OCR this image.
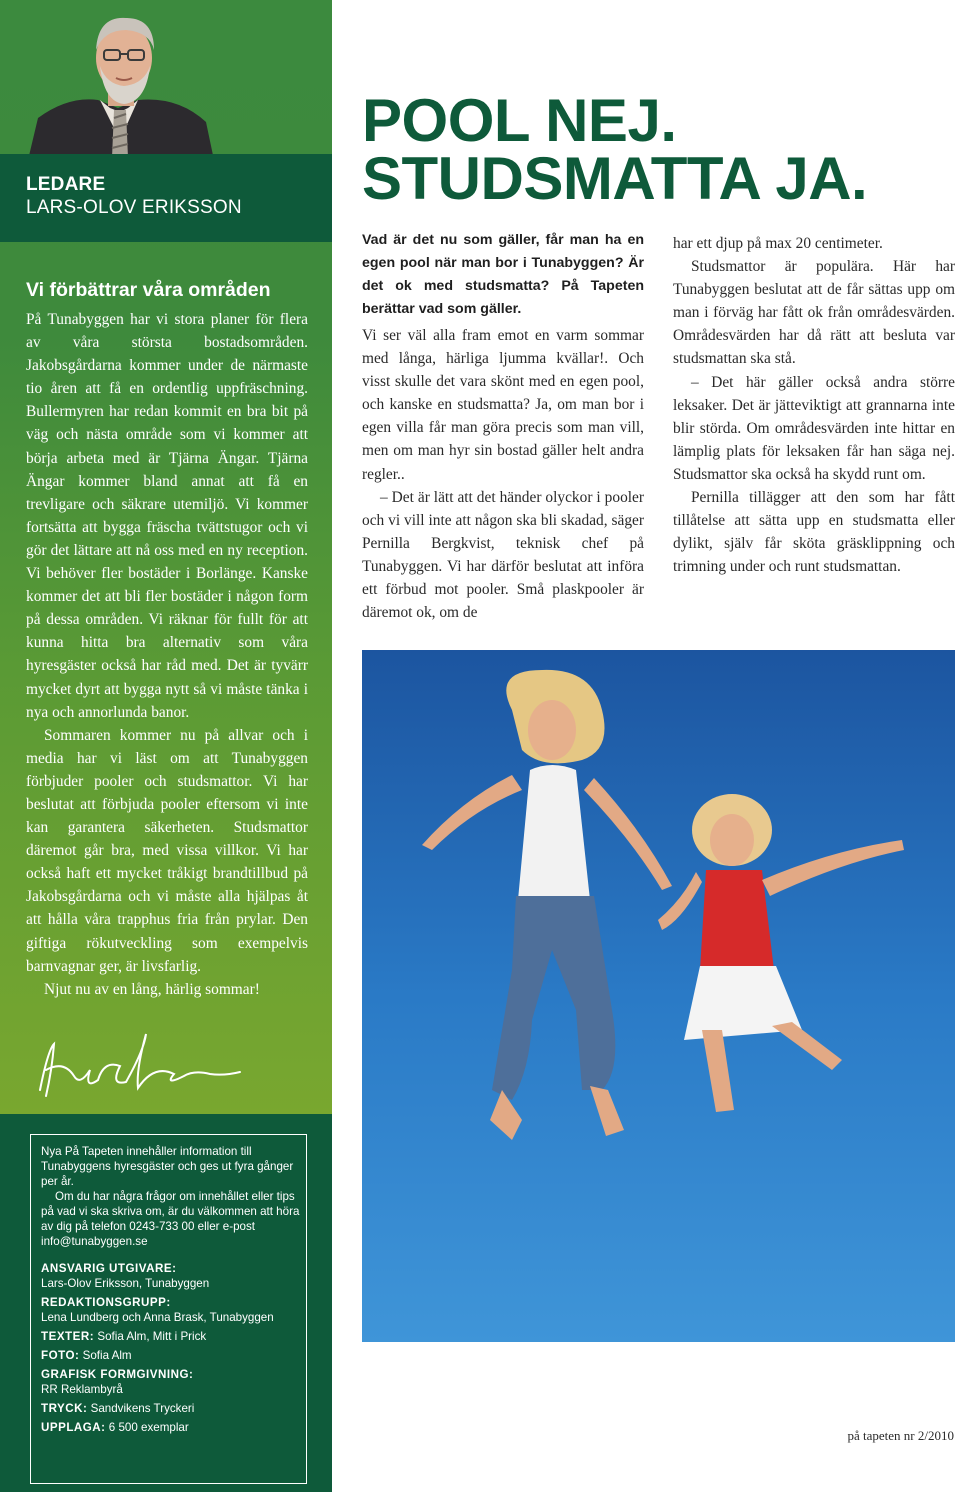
LEDARE
LARS-OLOV ERIKSSON
Vi förbättrar våra områden

På Tunabyggen har vi stora planer för flera av våra största bostadsområden. Jakobsgårdarna kommer under de närmaste tio åren att få en ordentlig uppfräschning. Bullermyren har redan kommit en bra bit på väg och nästa område som vi kommer att börja arbeta med är Tjärna Ängar. Tjärna Ängar kommer bland annat att få en trevligare och säkrare utemiljö. Vi kommer fortsätta att bygga fräscha tvättstugor och vi gör det lättare att nå oss med en ny reception. Vi behöver fler bostäder i Borlänge. Kanske kommer det att bli fler bostäder i någon form på dessa områden. Vi räknar för fullt för att kunna hitta bra alternativ som våra hyresgäster också har råd med. Det är tyvärr mycket dyrt att bygga nytt så vi måste tänka i nya och annorlunda banor.

Sommaren kommer nu på allvar och i media har vi läst om att Tunabyggen förbjuder pooler och studsmattor. Vi har beslutat att förbjuda pooler eftersom vi inte kan garantera säkerheten. Studsmattor däremot går bra, med vissa villkor. Vi har också haft ett mycket tråkigt brandtillbud på Jakobsgårdarna och vi måste alla hjälpas åt att hålla våra trapphus fria från prylar. Den giftiga rökutveckling som exempelvis barnvagnar ger, är livsfarlig.

Njut nu av en lång, härlig sommar!

Nya På Tapeten innehåller information till Tunabyggens hyresgäster och ges ut fyra gånger per år.

Om du har några frågor om innehållet eller tips på vad vi ska skriva om, är du välkommen att höra av dig på telefon 0243-733 00 eller e-post info@tunabyggen.se

ANSVARIG UTGIVARE:
Lars-Olov Eriksson, Tunabyggen
REDAKTIONSGRUPP:
Lena Lundberg och Anna Brask, Tunabyggen
TEXTER: Sofia Alm, Mitt i Prick
FOTO: Sofia Alm
GRAFISK FORMGIVNING:
RR Reklambyrå
TRYCK: Sandvikens Tryckeri
UPPLAGA: 6 500 exemplar
POOL NEJ.
STUDSMATTA JA.

Vad är det nu som gäller, får man ha en egen pool när man bor i Tunabyggen? Är det ok med studsmatta? På Tapeten berättar vad som gäller.

Vi ser väl alla fram emot en varm sommar med långa, härliga ljumma kvällar!. Och visst skulle det vara skönt med en egen pool, och kanske en studsmatta? Ja, om man bor i egen villa får man göra precis som man vill, men om man hyr sin bostad gäller helt andra regler..

– Det är lätt att det händer olyckor i pooler och vi vill inte att någon ska bli skadad, säger Pernilla Bergkvist, teknisk chef på Tunabyggen. Vi har därför beslutat att införa ett förbud mot pooler. Små plaskpooler är däremot ok, om de

har ett djup på max 20 centimeter.

Studsmattor är populära. Här har Tunabyggen beslutat att de får sättas upp om man i förväg har fått ok från områdesvärden. Områdesvärden har då rätt att besluta var studsmattan ska stå.

– Det här gäller också andra större leksaker. Det är jätteviktigt att grannarna inte blir störda. Om områdesvärden inte hittar en lämplig plats för leksaken får han säga nej. Studsmattor ska också ha skydd runt om.

Pernilla tillägger att den som har fått tillåtelse att sätta upp en studsmatta eller dylikt, själv får sköta gräsklippning och trimning under och runt studsmattan.

på tapeten nr 2/2010
